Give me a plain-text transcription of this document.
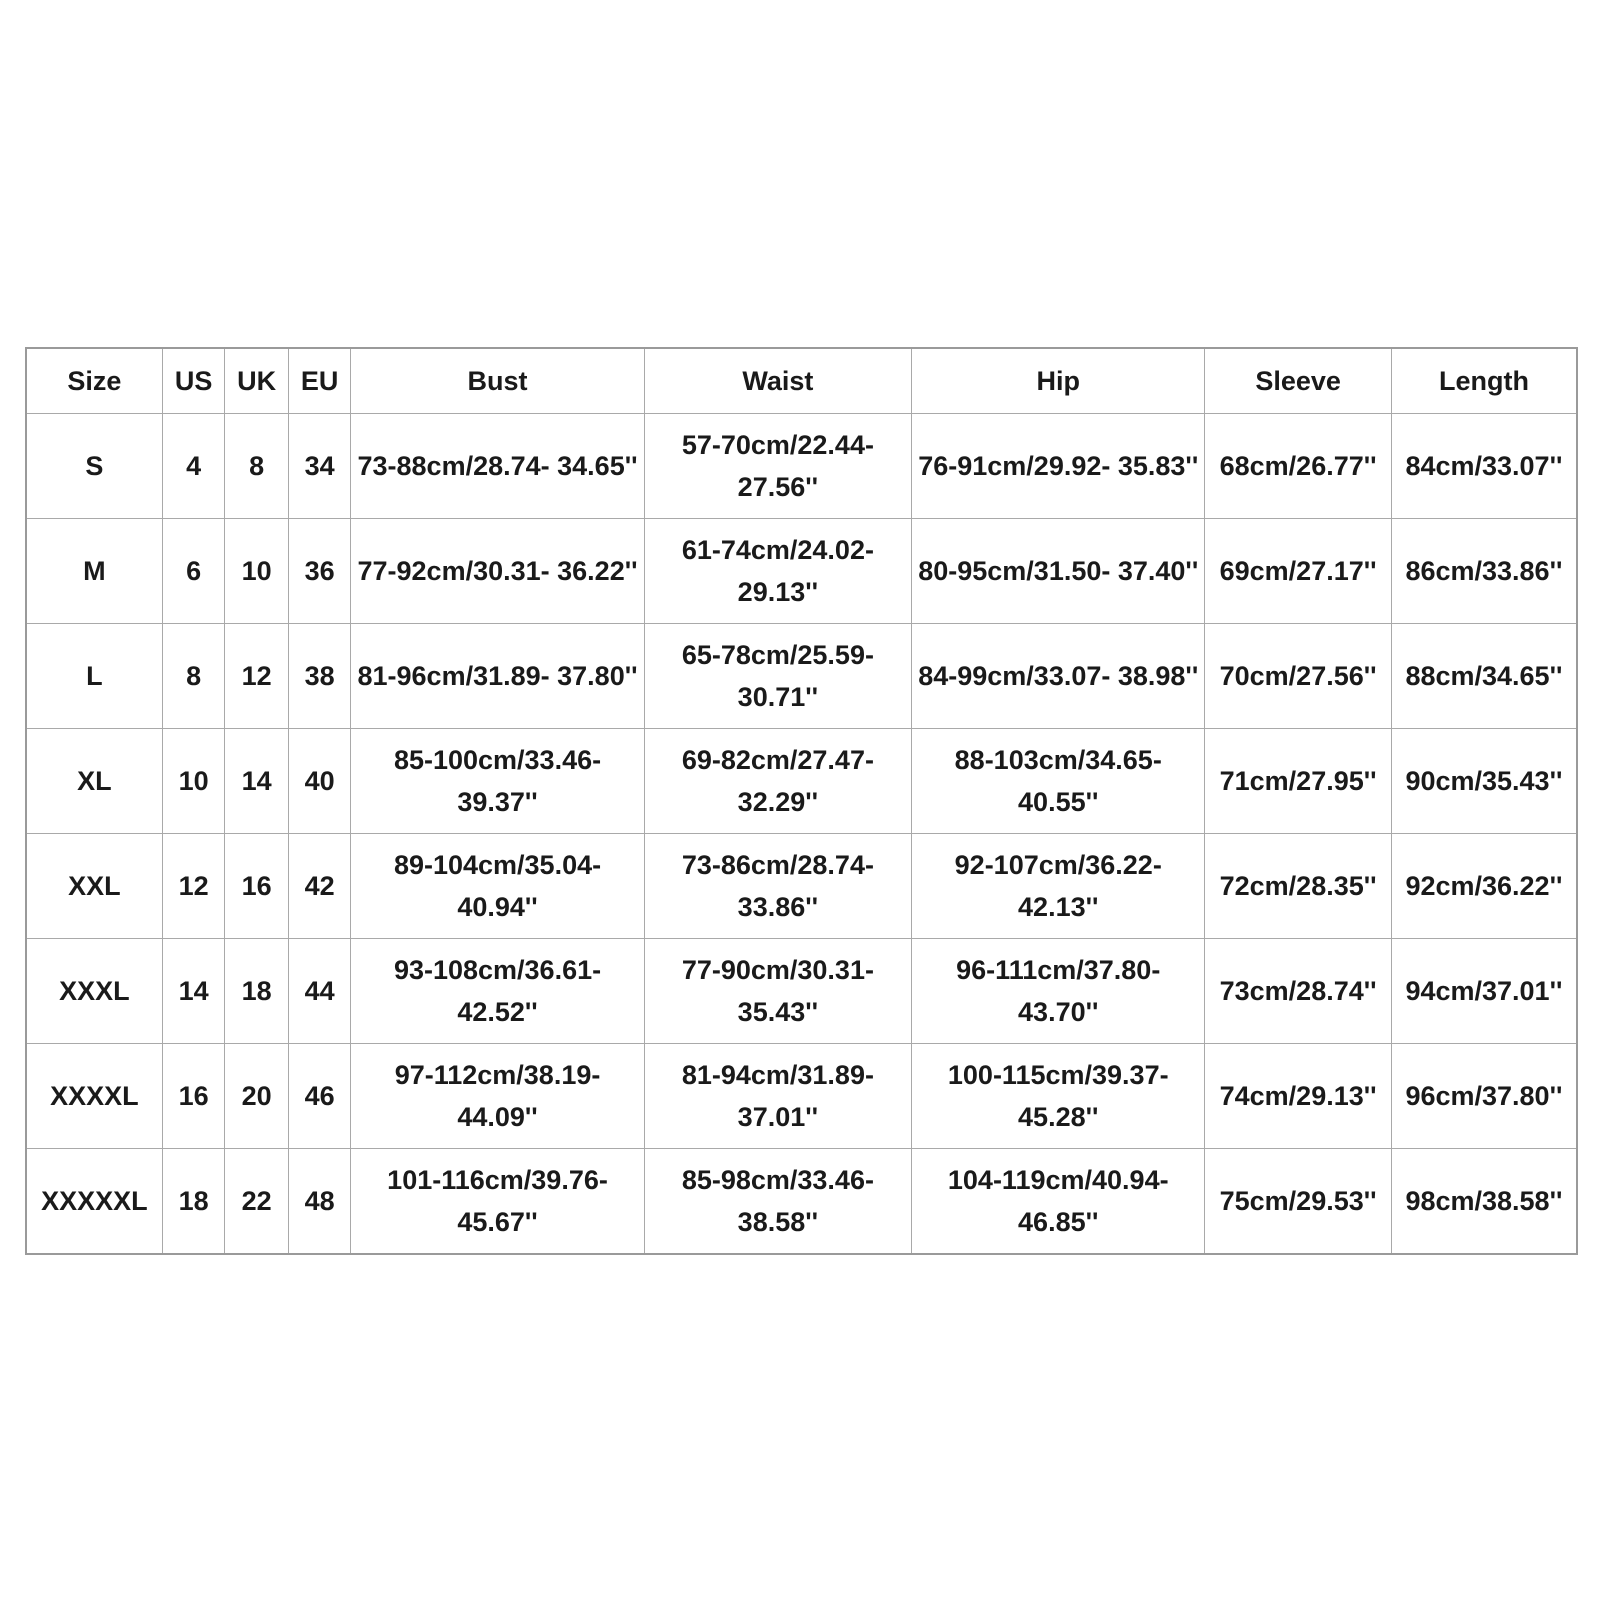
Size	US	UK	EU	Bust	Waist	Hip	Sleeve	Length
S	4	8	34	73-88cm/28.74- 34.65''	57-70cm/22.44- 27.56''	76-91cm/29.92- 35.83''	68cm/26.77''	84cm/33.07''
M	6	10	36	77-92cm/30.31- 36.22''	61-74cm/24.02- 29.13''	80-95cm/31.50- 37.40''	69cm/27.17''	86cm/33.86''
L	8	12	38	81-96cm/31.89- 37.80''	65-78cm/25.59- 30.71''	84-99cm/33.07- 38.98''	70cm/27.56''	88cm/34.65''
XL	10	14	40	85-100cm/33.46- 39.37''	69-82cm/27.47- 32.29''	88-103cm/34.65- 40.55''	71cm/27.95''	90cm/35.43''
XXL	12	16	42	89-104cm/35.04- 40.94''	73-86cm/28.74- 33.86''	92-107cm/36.22- 42.13''	72cm/28.35''	92cm/36.22''
XXXL	14	18	44	93-108cm/36.61- 42.52''	77-90cm/30.31- 35.43''	96-111cm/37.80- 43.70''	73cm/28.74''	94cm/37.01''
XXXXL	16	20	46	97-112cm/38.19- 44.09''	81-94cm/31.89- 37.01''	100-115cm/39.37- 45.28''	74cm/29.13''	96cm/37.80''
XXXXXL	18	22	48	101-116cm/39.76- 45.67''	85-98cm/33.46- 38.58''	104-119cm/40.94- 46.85''	75cm/29.53''	98cm/38.58''
